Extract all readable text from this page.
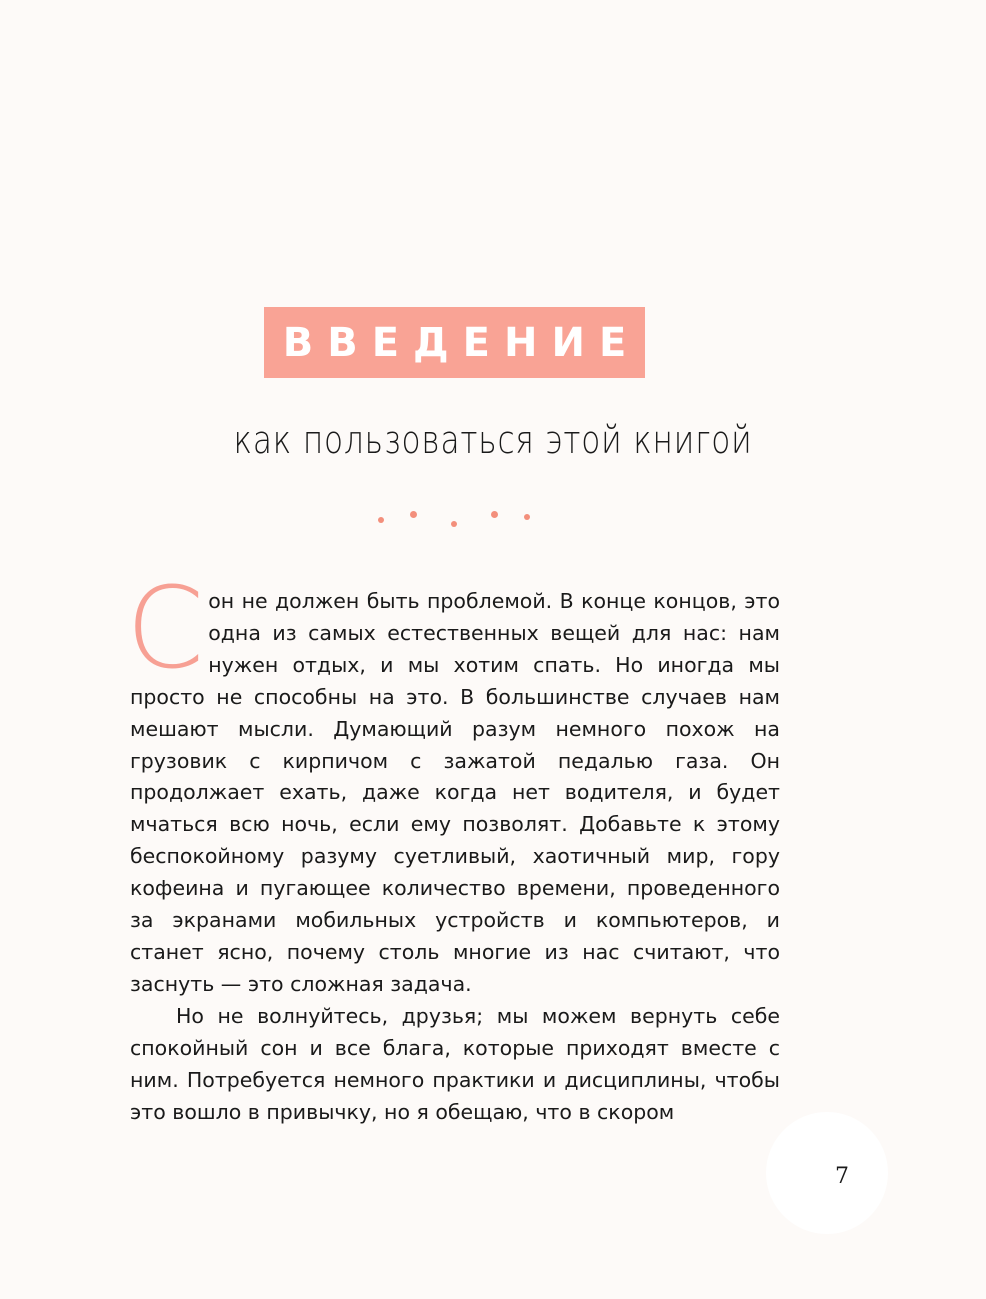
ВВЕДЕНИЕ
как пользоваться этой книгой

Сон не должен быть проблемой. В конце концов, это одна из самых естественных вещей для нас: нам нужен отдых, и мы хотим спать. Но иногда мы просто не способны на это. В большинстве случаев нам мешают мысли. Думающий разум немного похож на грузовик с кирпичом с зажатой педалью газа. Он продолжает ехать, даже когда нет водителя, и будет мчаться всю ночь, если ему позволят. Добавьте к этому беспокойному разуму суетливый, хаотичный мир, гору кофеина и пугающее количество времени, проведенного за экранами мобильных устройств и компьютеров, и станет ясно, почему столь многие из нас считают, что заснуть — это сложная задача.

Но не волнуйтесь, друзья; мы можем вернуть себе спокойный сон и все блага, которые приходят вместе с ним. Потребуется немного практики и дисциплины, чтобы это вошло в привычку, но я обещаю, что в скором

7
